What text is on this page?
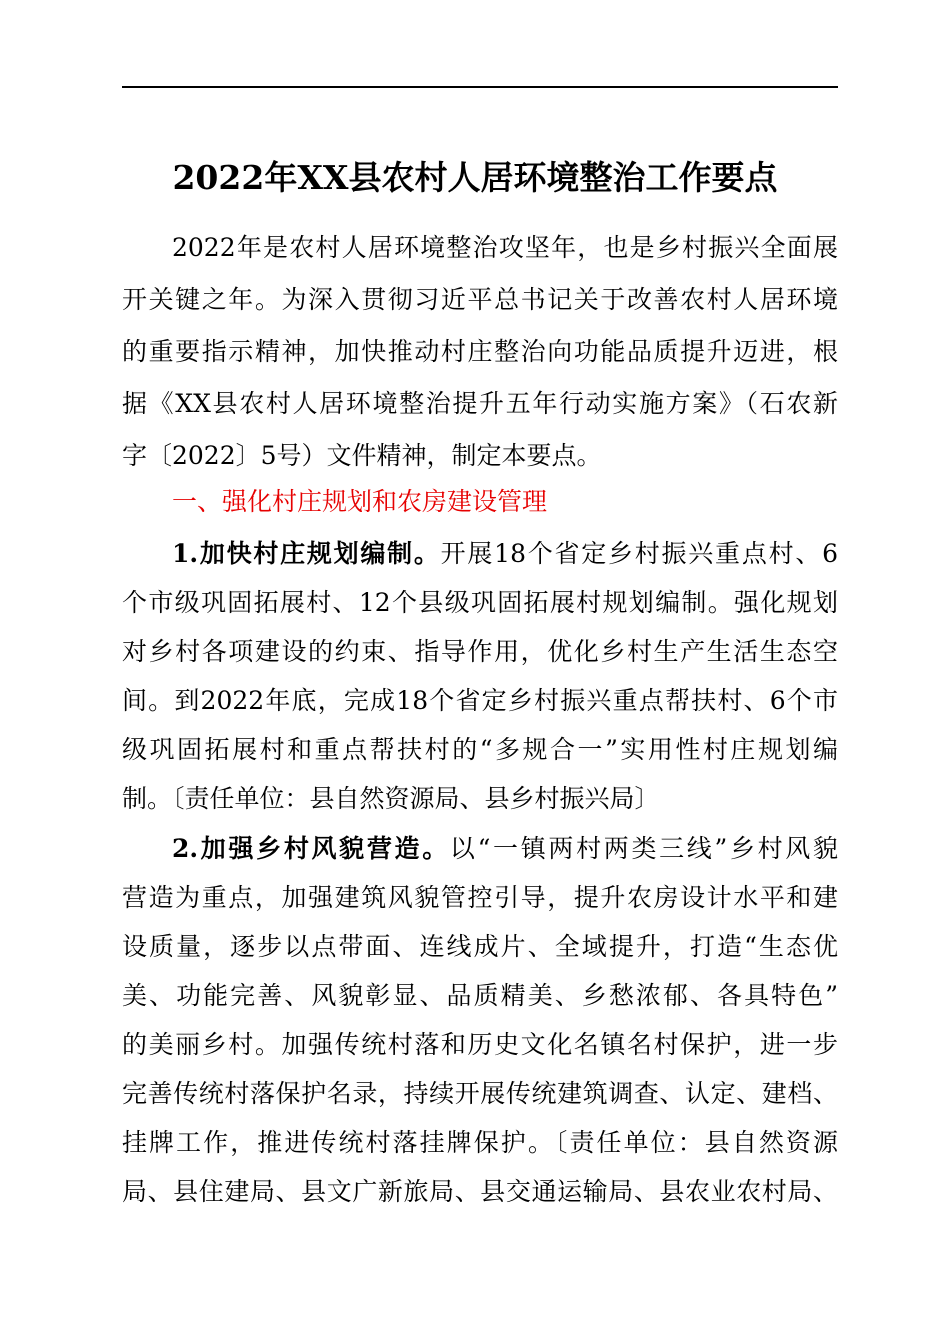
2022年XX县农村人居环境整治工作要点
2022年是农村人居环境整治攻坚年，也是乡村振兴全面展
开关键之年。为深入贯彻习近平总书记关于改善农村人居环境
的重要指示精神，加快推动村庄整治向功能品质提升迈进，根
据《XX县农村人居环境整治提升五年行动实施方案》（石农新
字〔2022〕5号）文件精神，制定本要点。
一、强化村庄规划和农房建设管理
1.加快村庄规划编制。开展18个省定乡村振兴重点村、6
个市级巩固拓展村、12个县级巩固拓展村规划编制。强化规划
对乡村各项建设的约束、指导作用，优化乡村生产生活生态空
间。到2022年底，完成18个省定乡村振兴重点帮扶村、6个市
级巩固拓展村和重点帮扶村的“多规合一”实用性村庄规划编
制。〔责任单位：县自然资源局、县乡村振兴局〕
2.加强乡村风貌营造。以“一镇两村两类三线”乡村风貌
营造为重点，加强建筑风貌管控引导，提升农房设计水平和建
设质量，逐步以点带面、连线成片、全域提升，打造“生态优
美、功能完善、风貌彰显、品质精美、乡愁浓郁、各具特色”
的美丽乡村。加强传统村落和历史文化名镇名村保护，进一步
完善传统村落保护名录，持续开展传统建筑调查、认定、建档、
挂牌工作，推进传统村落挂牌保护。〔责任单位：县自然资源
局、县住建局、县文广新旅局、县交通运输局、县农业农村局、
